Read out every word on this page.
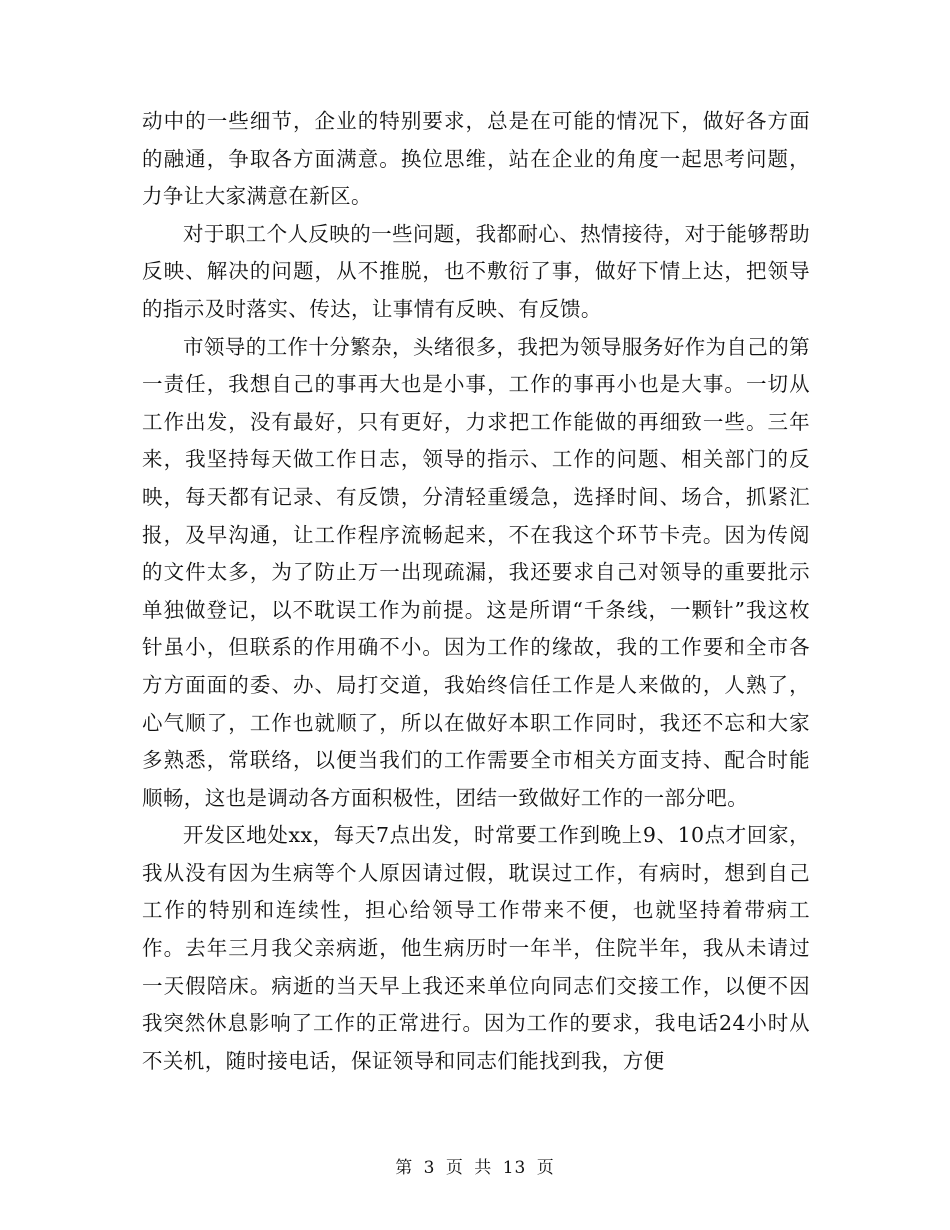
动中的一些细节，企业的特别要求，总是在可能的情况下，做好各方面的融通，争取各方面满意。换位思维，站在企业的角度一起思考问题，力争让大家满意在新区。

对于职工个人反映的一些问题，我都耐心、热情接待，对于能够帮助反映、解决的问题，从不推脱，也不敷衍了事，做好下情上达，把领导的指示及时落实、传达，让事情有反映、有反馈。

市领导的工作十分繁杂，头绪很多，我把为领导服务好作为自己的第一责任，我想自己的事再大也是小事，工作的事再小也是大事。一切从工作出发，没有最好，只有更好，力求把工作能做的再细致一些。三年来，我坚持每天做工作日志，领导的指示、工作的问题、相关部门的反映，每天都有记录、有反馈，分清轻重缓急，选择时间、场合，抓紧汇报，及早沟通，让工作程序流畅起来，不在我这个环节卡壳。因为传阅的文件太多，为了防止万一出现疏漏，我还要求自己对领导的重要批示单独做登记，以不耽误工作为前提。这是所谓“千条线，一颗针”我这枚针虽小，但联系的作用确不小。因为工作的缘故，我的工作要和全市各方方面面的委、办、局打交道，我始终信任工作是人来做的，人熟了，心气顺了，工作也就顺了，所以在做好本职工作同时，我还不忘和大家多熟悉，常联络，以便当我们的工作需要全市相关方面支持、配合时能顺畅，这也是调动各方面积极性，团结一致做好工作的一部分吧。

开发区地处xx，每天7点出发，时常要工作到晚上9、10点才回家，我从没有因为生病等个人原因请过假，耽误过工作，有病时，想到自己工作的特别和连续性，担心给领导工作带来不便，也就坚持着带病工作。去年三月我父亲病逝，他生病历时一年半，住院半年，我从未请过一天假陪床。病逝的当天早上我还来单位向同志们交接工作，以便不因我突然休息影响了工作的正常进行。因为工作的要求，我电话24小时从不关机，随时接电话，保证领导和同志们能找到我，方便

第 3 页 共 13 页
